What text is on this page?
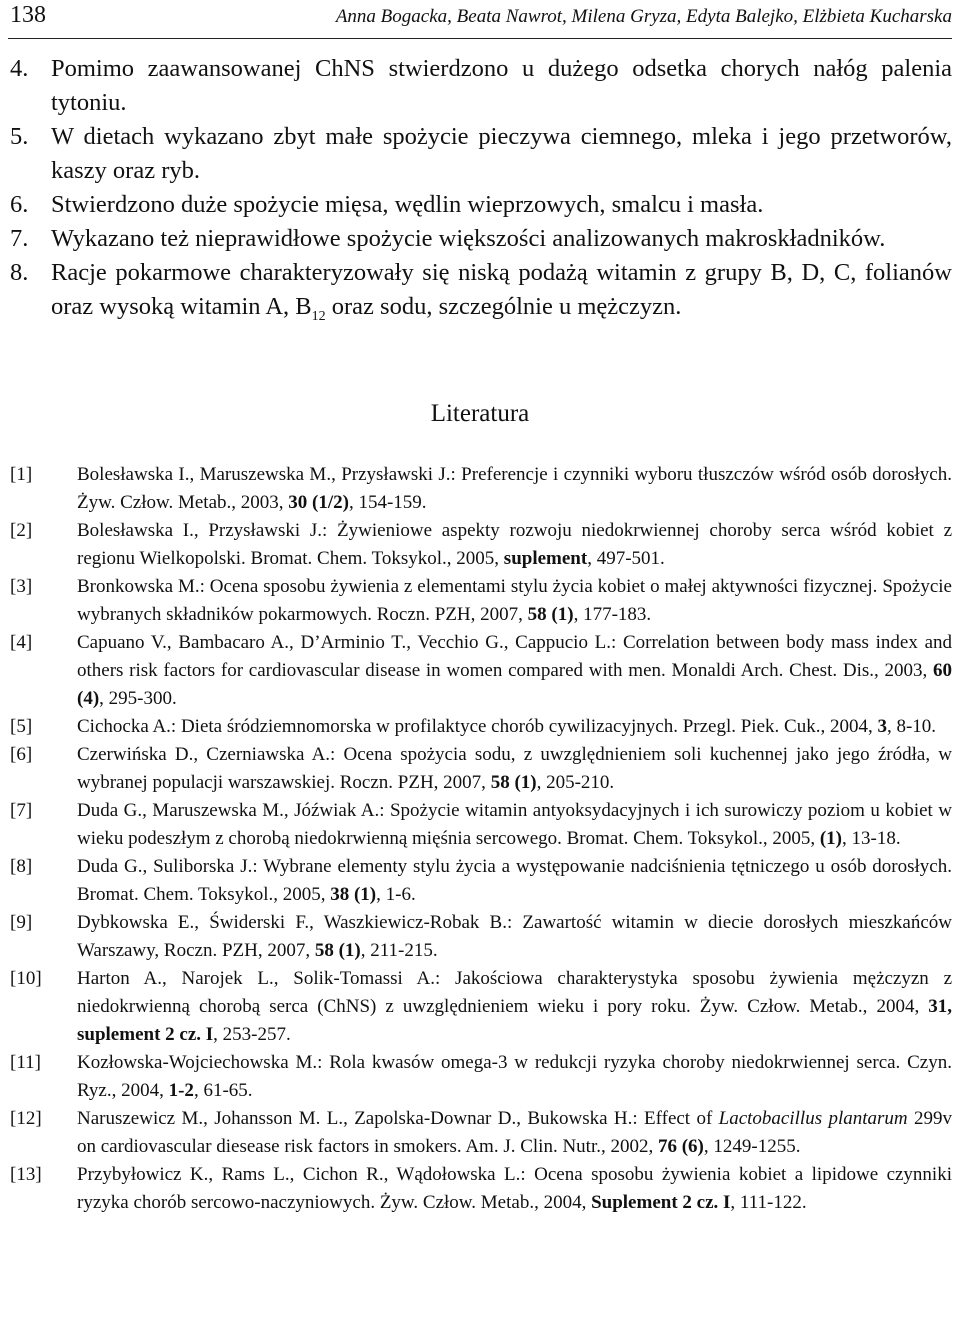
138	Anna Bogacka, Beata Nawrot, Milena Gryza, Edyta Balejko, Elżbieta Kucharska
4. Pomimo zaawansowanej ChNS stwierdzono u dużego odsetka chorych nałóg palenia tytoniu.
5. W dietach wykazano zbyt małe spożycie pieczywa ciemnego, mleka i jego przetworów, kaszy oraz ryb.
6. Stwierdzono duże spożycie mięsa, wędlin wieprzowych, smalcu i masła.
7. Wykazano też nieprawidłowe spożycie większości analizowanych makroskładników.
8. Racje pokarmowe charakteryzowały się niską podażą witamin z grupy B, D, C, folianów oraz wysoką witamin A, $B_{12}$ oraz sodu, szczególnie u mężczyzn.
Literatura
[1] Bolesławska I., Maruszewska M., Przysławski J.: Preferencje i czynniki wyboru tłuszczów wśród osób dorosłych. Żyw. Człow. Metab., 2003, 30 (1/2), 154-159.
[2] Bolesławska I., Przysławski J.: Żywieniowe aspekty rozwoju niedokrwiennej choroby serca wśród kobiet z regionu Wielkopolski. Bromat. Chem. Toksykol., 2005, suplement, 497-501.
[3] Bronkowska M.: Ocena sposobu żywienia z elementami stylu życia kobiet o małej aktywności fizycznej. Spożycie wybranych składników pokarmowych. Roczn. PZH, 2007, 58 (1), 177-183.
[4] Capuano V., Bambacaro A., D’Arminio T., Vecchio G., Cappucio L.: Correlation between body mass index and others risk factors for cardiovascular disease in women compared with men. Monaldi Arch. Chest. Dis., 2003, 60 (4), 295-300.
[5] Cichocka A.: Dieta śródziemnomorska w profilaktyce chorób cywilizacyjnych. Przegl. Piek. Cuk., 2004, 3, 8-10.
[6] Czerwińska D., Czerniawska A.: Ocena spożycia sodu, z uwzględnieniem soli kuchennej jako jego źródła, w wybranej populacji warszawskiej. Roczn. PZH, 2007, 58 (1), 205-210.
[7] Duda G., Maruszewska M., Jóźwiak A.: Spożycie witamin antyoksydacyjnych i ich surowiczy poziom u kobiet w wieku podeszłym z chorobą niedokrwienną mięśnia sercowego. Bromat. Chem. Toksykol., 2005, (1), 13-18.
[8] Duda G., Suliborska J.: Wybrane elementy stylu życia a występowanie nadciśnienia tętniczego u osób dorosłych. Bromat. Chem. Toksykol., 2005, 38 (1), 1-6.
[9] Dybkowska E., Świderski F., Waszkiewicz-Robak B.: Zawartość witamin w diecie dorosłych mieszkańców Warszawy, Roczn. PZH, 2007, 58 (1), 211-215.
[10] Harton A., Narojek L., Solik-Tomassi A.: Jakościowa charakterystyka sposobu żywienia mężczyzn z niedokrwienną chorobą serca (ChNS) z uwzględnieniem wieku i pory roku. Żyw. Człow. Metab., 2004, 31, suplement 2 cz. I, 253-257.
[11] Kozłowska-Wojciechowska M.: Rola kwasów omega-3 w redukcji ryzyka choroby niedokrwiennej serca. Czyn. Ryz., 2004, 1-2, 61-65.
[12] Naruszewicz M., Johansson M. L., Zapolska-Downar D., Bukowska H.: Effect of Lactobacillus plantarum 299v on cardiovascular diesease risk factors in smokers. Am. J. Clin. Nutr., 2002, 76 (6), 1249-1255.
[13] Przybyłowicz K., Rams L., Cichon R., Wądołowska L.: Ocena sposobu żywienia kobiet a lipidowe czynniki ryzyka chorób sercowo-naczyniowych. Żyw. Człow. Metab., 2004, Suplement 2 cz. I, 111-122.
